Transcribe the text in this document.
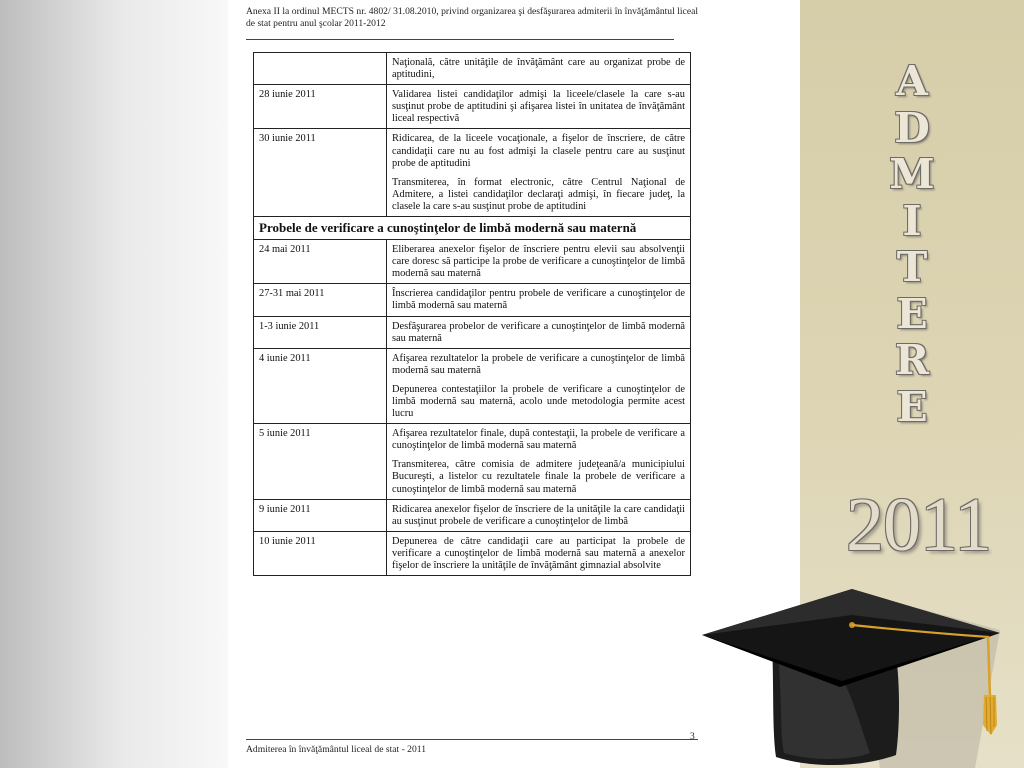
Anexa II la ordinul MECTS nr. 4802/ 31.08.2010, privind organizarea şi desfăşurarea admiterii în învăţământul liceal de stat pentru anul şcolar 2011-2012

	Naţională, către unităţile de învăţământ care au organizat probe de aptitudini,

28 iunie 2011	Validarea listei candidaţilor admişi la liceele/clasele la care s-au susţinut probe de aptitudini şi afişarea listei în unitatea de învăţământ liceal respectivă

30 iunie 2011	Ridicarea, de la liceele vocaţionale, a fişelor de înscriere, de către candidaţii care nu au fost admişi la clasele pentru care au susţinut probe de aptitudini

Transmiterea, în format electronic, către Centrul Naţional de Admitere, a listei candidaţilor declaraţi admişi, în fiecare judeţ, la clasele la care s-au susţinut probe de aptitudini

Probele de verificare a cunoştinţelor de limbă modernă sau maternă	
24 mai 2011	Eliberarea anexelor fişelor de înscriere pentru elevii sau absolvenţii care doresc să participe la probe de verificare a cunoştinţelor de limbă modernă sau maternă

27-31 mai 2011	Înscrierea candidaţilor pentru probele de verificare a cunoştinţelor de limbă modernă sau maternă

1-3 iunie 2011	Desfăşurarea probelor de verificare a cunoştinţelor de limbă modernă sau maternă

4 iunie 2011	Afişarea rezultatelor la probele de verificare a cunoştinţelor de limbă modernă sau maternă

Depunerea contestaţiilor la probele de verificare a cunoştinţelor de limbă modernă sau maternă, acolo unde metodologia permite acest lucru

5 iunie 2011	Afişarea rezultatelor finale, după contestaţii, la probele de verificare a cunoştinţelor de limbă modernă sau maternă

Transmiterea, către comisia de admitere judeţeană/a municipiului Bucureşti, a listelor cu rezultatele finale la probele de verificare a cunoştinţelor de limbă modernă sau maternă

9 iunie 2011	Ridicarea anexelor fişelor de înscriere de la unităţile la care candidaţii au susţinut probele de verificare a cunoştinţelor de limbă

10 iunie 2011	Depunerea de către candidaţii care au participat la probele de verificare a cunoştinţelor de limbă modernă sau maternă a anexelor fişelor de înscriere la unităţile de învăţământ gimnazial absolvite

3
Admiterea în învăţământul liceal de stat - 2011
A
D
M
I
T
E
R
E
2011
